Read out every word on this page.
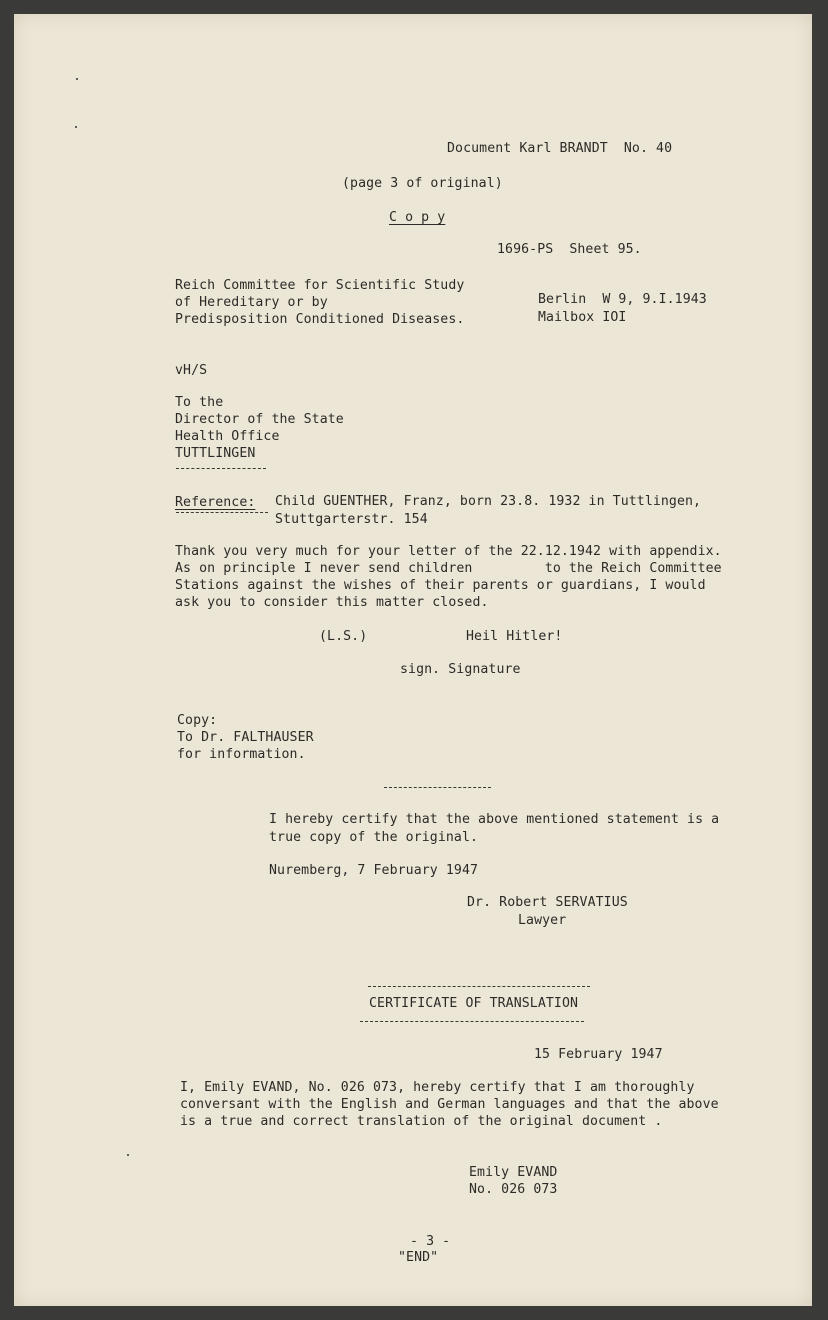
Document Karl BRANDT  No. 40

(page 3 of original)

C o p y

1696-PS  Sheet 95.

Reich Committee for Scientific Study

of Hereditary or by

Predisposition Conditioned Diseases.

Berlin  W 9, 9.I.1943

Mailbox IOI

vH/S

To the

Director of the State

Health Office

TUTTLINGEN

Reference: Child GUENTHER, Franz, born 23.8. 1932 in Tuttlingen,

Stuttgarterstr. 154

Thank you very much for your letter of the 22.12.1942 with appendix.

As on principle I never send children         to the Reich Committee

Stations against the wishes of their parents or guardians, I would

ask you to consider this matter closed.

(L.S.)	Heil Hitler!

sign. Signature

Copy:

To Dr. FALTHAUSER

for information.

I hereby certify that the above mentioned statement is a

true copy of the original.

Nuremberg, 7 February 1947

Dr. Robert SERVATIUS

Lawyer

CERTIFICATE OF TRANSLATION

15 February 1947

I, Emily EVAND, No. 026 073, hereby certify that I am thoroughly

conversant with the English and German languages and that the above

is a true and correct translation of the original document .

Emily EVAND

No. 026 073

- 3 -

"END"
